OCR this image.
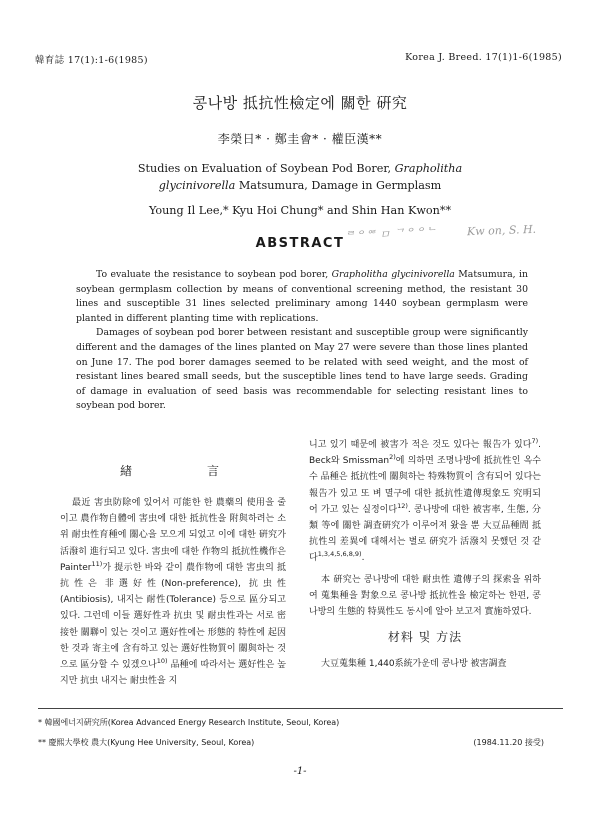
韓育誌 17(1):1-6(1985)	Korea J. Breed. 17(1)1-6(1985)
콩나방 抵抗性檢定에 關한 硏究
李榮日* · 鄭圭會* · 權臣漢**
Studies on Evaluation of Soybean Pod Borer, Grapholitha
glycinivorella Matsumura, Damage in Germplasm
Young Il Lee,* Kyu Hoi Chung* and Shin Han Kwon**
ABSTRACT
ᄅᄋᄋᄅ ㅁ ᄀᄋᄋᄂ	Kw on, S. H.

To evaluate the resistance to soybean pod borer, Grapholitha glycinivorella Matsumura, in soybean germplasm collection by means of conventional screening method, the resistant 30 lines and susceptible 31 lines selected preliminary among 1440 soybean germplasm were planted in different planting time with replications.

Damages of soybean pod borer between resistant and susceptible group were significantly different and the damages of the lines planted on May 27 were severe than those lines planted on June 17. The pod borer damages seemed to be related with seed weight, and the most of resistant lines beared small seeds, but the susceptible lines tend to have large seeds. Grading of damage in evaluation of seed basis was recommendable for selecting resistant lines to soybean pod borer.

緖	言

最近 害虫防除에 있어서 可能한 한 農藥의 使用을 줄이고 農作物自體에 害虫에 대한 抵抗性을 附與하려는 소위 耐虫性育種에 關心을 모으게 되었고 이에 대한 硏究가 活潑히 進行되고 있다. 害虫에 대한 作物의 抵抗性機作은 Painter$^{11)}$가 提示한 바와 같이 農作物에 대한 害虫의 抵抗性은 非選好性(Non-preference), 抗虫性(Antibiosis), 내지는 耐性(Tolerance) 등으로 區分되고 있다. 그런데 이들 選好性과 抗虫 및 耐虫性과는 서로 密接한 關聯이 있는 것이고 選好性에는 形態的 特性에 起因한 것과 寄主에 含有하고 있는 選好性物質이 關與하는 것으로 區分할 수 있겠으나$^{10)}$ 品種에 따라서는 選好性은 높지만 抗虫 내지는 耐虫性을 지

니고 있기 때문에 被害가 적은 것도 있다는 報告가 있다$^{7)}$. Beck와 Smissman$^{2)}$에 의하면 조명나방에 抵抗性인 옥수수 品種은 抵抗性에 關與하는 特殊物質이 含有되어 있다는 報告가 있고 또 벼 멸구에 대한 抵抗性遺傳現象도 究明되어 가고 있는 실정이다$^{12)}$. 콩나방에 대한 被害率, 生態, 分類 等에 關한 調査硏究가 이루어져 왔을 뿐 大豆品種間 抵抗性의 差異에 대해서는 별로 硏究가 活潑치 못했던 것 같다$^{1,3,4,5,6,8,9)}$.

本 硏究는 콩나방에 대한 耐虫性 遺傳子의 探索을 위하여 蒐集種을 對象으로 콩나방 抵抗性을 檢定하는 한편, 콩나방의 生態的 特異性도 동시에 알아 보고저 實施하였다.

材料 및 方法

大豆蒐集種 1,440系統가운데 콩나방 被害調査

* 韓國에너지硏究所(Korea Advanced Energy Research Institute, Seoul, Korea)
** 慶熙大學校 農大(Kyung Hee University, Seoul, Korea)	(1984.11.20 接受)
-1-
